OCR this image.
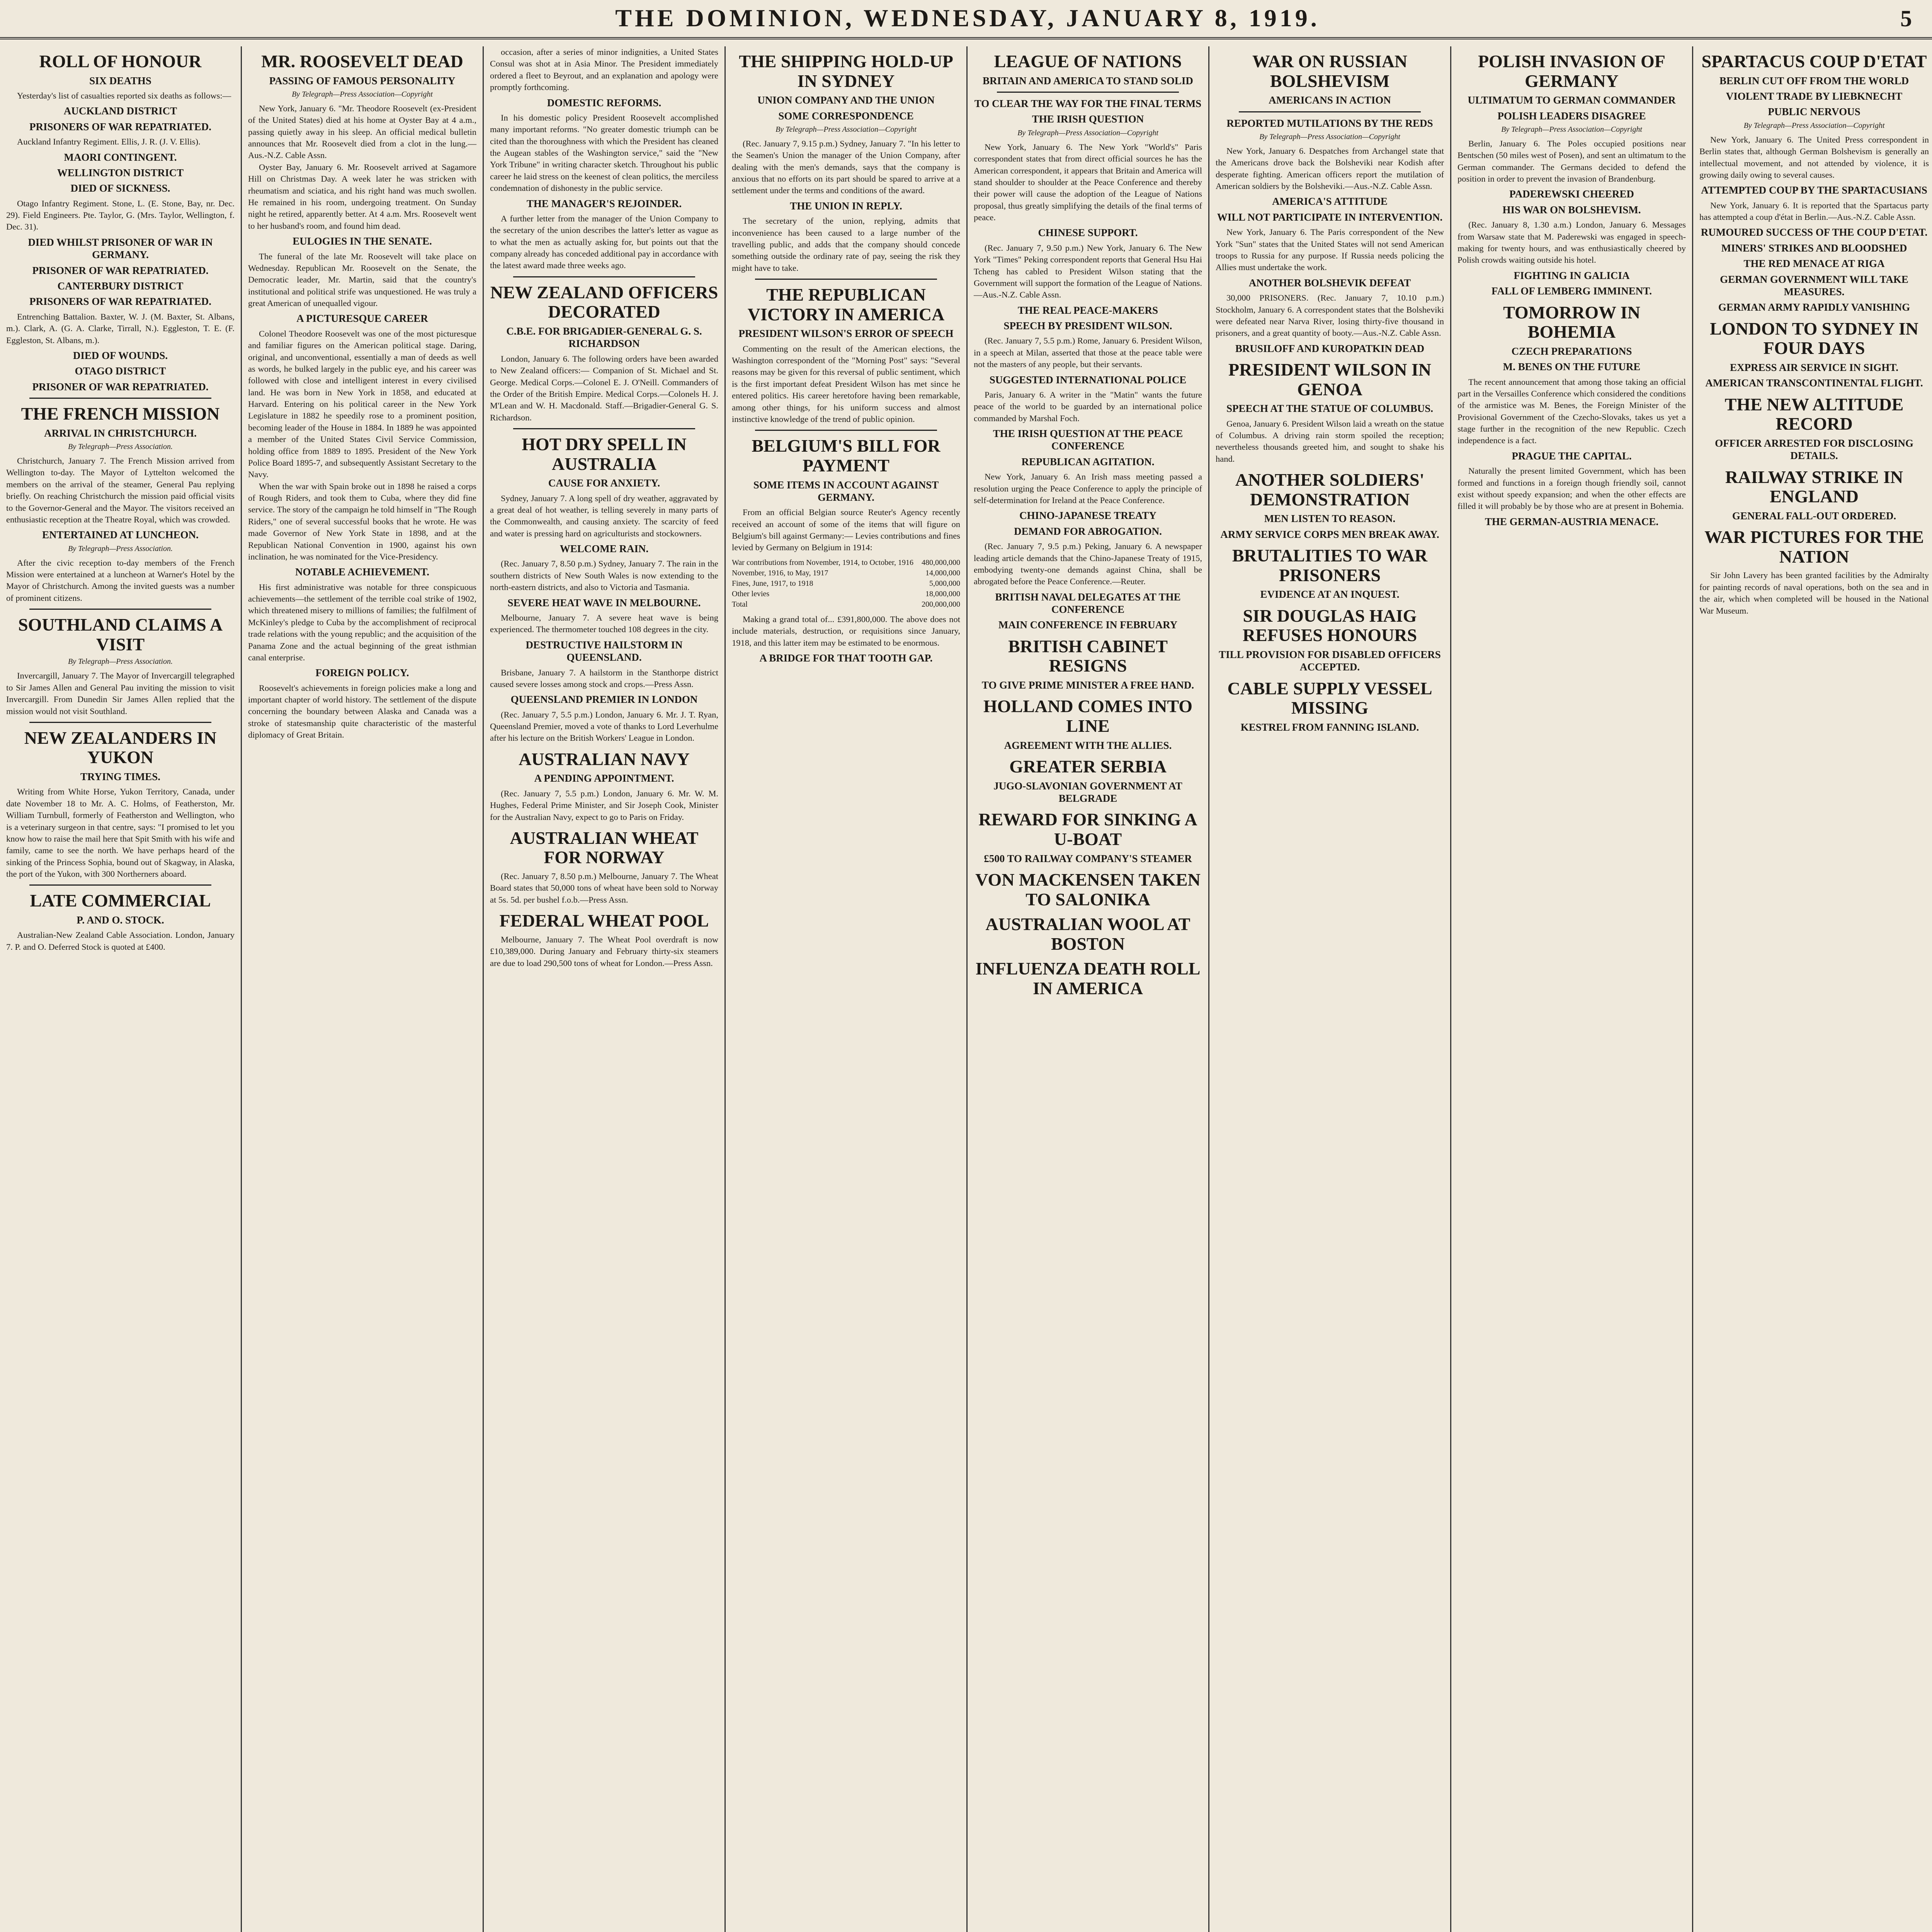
THE DOMINION, WEDNESDAY, JANUARY 8, 1919.	5
ROLL OF HONOUR
SIX DEATHS

Yesterday's list of casualties reported six deaths as follows:—

AUCKLAND DISTRICT
PRISONERS OF WAR REPATRIATED.

Auckland Infantry Regiment. Ellis, J. R. (J. V. Ellis).

MAORI CONTINGENT.
WELLINGTON DISTRICT
DIED OF SICKNESS.

Otago Infantry Regiment. Stone, L. (E. Stone, Bay, nr. Dec. 29). Field Engineers. Pte. Taylor, G. (Mrs. Taylor, Wellington, f. Dec. 31).

DIED WHILST PRISONER OF WAR IN GERMANY.
PRISONER OF WAR REPATRIATED.
CANTERBURY DISTRICT
PRISONERS OF WAR REPATRIATED.

Entrenching Battalion. Baxter, W. J. (M. Baxter, St. Albans, m.). Clark, A. (G. A. Clarke, Tirrall, N.). Eggleston, T. E. (F. Eggleston, St. Albans, m.).

DIED OF WOUNDS.
OTAGO DISTRICT
PRISONER OF WAR REPATRIATED.
THE FRENCH MISSION
ARRIVAL IN CHRISTCHURCH.
By Telegraph—Press Association.

Christchurch, January 7. The French Mission arrived from Wellington to-day. The Mayor of Lyttelton welcomed the members on the arrival of the steamer, General Pau replying briefly. On reaching Christchurch the mission paid official visits to the Governor-General and the Mayor. The visitors received an enthusiastic reception at the Theatre Royal, which was crowded.

ENTERTAINED AT LUNCHEON.
By Telegraph—Press Association.

After the civic reception to-day members of the French Mission were entertained at a luncheon at Warner's Hotel by the Mayor of Christchurch. Among the invited guests was a number of prominent citizens.

SOUTHLAND CLAIMS A VISIT
By Telegraph—Press Association.

Invercargill, January 7. The Mayor of Invercargill telegraphed to Sir James Allen and General Pau inviting the mission to visit Invercargill. From Dunedin Sir James Allen replied that the mission would not visit Southland.

NEW ZEALANDERS IN YUKON
TRYING TIMES.

Writing from White Horse, Yukon Territory, Canada, under date November 18 to Mr. A. C. Holms, of Featherston, Mr. William Turnbull, formerly of Featherston and Wellington, who is a veterinary surgeon in that centre, says: "I promised to let you know how to raise the mail here that Spit Smith with his wife and family, came to see the north. We have perhaps heard of the sinking of the Princess Sophia, bound out of Skagway, in Alaska, the port of the Yukon, with 300 Northerners aboard.

LATE COMMERCIAL
P. AND O. STOCK.

Australian-New Zealand Cable Association. London, January 7. P. and O. Deferred Stock is quoted at £400.

MR. ROOSEVELT DEAD
PASSING OF FAMOUS PERSONALITY
By Telegraph—Press Association—Copyright

New York, January 6. "Mr. Theodore Roosevelt (ex-President of the United States) died at his home at Oyster Bay at 4 a.m., passing quietly away in his sleep. An official medical bulletin announces that Mr. Roosevelt died from a clot in the lung.—Aus.-N.Z. Cable Assn.

Oyster Bay, January 6. Mr. Roosevelt arrived at Sagamore Hill on Christmas Day. A week later he was stricken with rheumatism and sciatica, and his right hand was much swollen. He remained in his room, undergoing treatment. On Sunday night he retired, apparently better. At 4 a.m. Mrs. Roosevelt went to her husband's room, and found him dead.

EULOGIES IN THE SENATE.

The funeral of the late Mr. Roosevelt will take place on Wednesday. Republican Mr. Roosevelt on the Senate, the Democratic leader, Mr. Martin, said that the country's institutional and political strife was unquestioned. He was truly a great American of unequalled vigour.

A PICTURESQUE CAREER

Colonel Theodore Roosevelt was one of the most picturesque and familiar figures on the American political stage. Daring, original, and unconventional, essentially a man of deeds as well as words, he bulked largely in the public eye, and his career was followed with close and intelligent interest in every civilised land. He was born in New York in 1858, and educated at Harvard. Entering on his political career in the New York Legislature in 1882 he speedily rose to a prominent position, becoming leader of the House in 1884. In 1889 he was appointed a member of the United States Civil Service Commission, holding office from 1889 to 1895. President of the New York Police Board 1895-7, and subsequently Assistant Secretary to the Navy.

When the war with Spain broke out in 1898 he raised a corps of Rough Riders, and took them to Cuba, where they did fine service. The story of the campaign he told himself in "The Rough Riders," one of several successful books that he wrote. He was made Governor of New York State in 1898, and at the Republican National Convention in 1900, against his own inclination, he was nominated for the Vice-Presidency.

NOTABLE ACHIEVEMENT.

His first administrative was notable for three conspicuous achievements—the settlement of the terrible coal strike of 1902, which threatened misery to millions of families; the fulfilment of McKinley's pledge to Cuba by the accomplishment of reciprocal trade relations with the young republic; and the acquisition of the Panama Zone and the actual beginning of the great isthmian canal enterprise.

FOREIGN POLICY.

Roosevelt's achievements in foreign policies make a long and important chapter of world history. The settlement of the dispute concerning the boundary between Alaska and Canada was a stroke of statesmanship quite characteristic of the masterful diplomacy of Great Britain.

occasion, after a series of minor indignities, a United States Consul was shot at in Asia Minor. The President immediately ordered a fleet to Beyrout, and an explanation and apology were promptly forthcoming.

DOMESTIC REFORMS.

In his domestic policy President Roosevelt accomplished many important reforms. "No greater domestic triumph can be cited than the thoroughness with which the President has cleaned the Augean stables of the Washington service," said the "New York Tribune" in writing character sketch. Throughout his public career he laid stress on the keenest of clean politics, the merciless condemnation of dishonesty in the public service.

THE MANAGER'S REJOINDER.

A further letter from the manager of the Union Company to the secretary of the union describes the latter's letter as vague as to what the men as actually asking for, but points out that the company already has conceded additional pay in accordance with the latest award made three weeks ago.

NEW ZEALAND OFFICERS DECORATED
C.B.E. FOR BRIGADIER-GENERAL G. S. RICHARDSON

London, January 6. The following orders have been awarded to New Zealand officers:— Companion of St. Michael and St. George. Medical Corps.—Colonel E. J. O'Neill. Commanders of the Order of the British Empire. Medical Corps.—Colonels H. J. M'Lean and W. H. Macdonald. Staff.—Brigadier-General G. S. Richardson.

HOT DRY SPELL IN AUSTRALIA
CAUSE FOR ANXIETY.

Sydney, January 7. A long spell of dry weather, aggravated by a great deal of hot weather, is telling severely in many parts of the Commonwealth, and causing anxiety. The scarcity of feed and water is pressing hard on agriculturists and stockowners.

WELCOME RAIN.

(Rec. January 7, 8.50 p.m.) Sydney, January 7. The rain in the southern districts of New South Wales is now extending to the north-eastern districts, and also to Victoria and Tasmania.

SEVERE HEAT WAVE IN MELBOURNE.

Melbourne, January 7. A severe heat wave is being experienced. The thermometer touched 108 degrees in the city.

DESTRUCTIVE HAILSTORM IN QUEENSLAND.

Brisbane, January 7. A hailstorm in the Stanthorpe district caused severe losses among stock and crops.—Press Assn.

QUEENSLAND PREMIER IN LONDON

(Rec. January 7, 5.5 p.m.) London, January 6. Mr. J. T. Ryan, Queensland Premier, moved a vote of thanks to Lord Leverhulme after his lecture on the British Workers' League in London.

AUSTRALIAN NAVY
A PENDING APPOINTMENT.

(Rec. January 7, 5.5 p.m.) London, January 6. Mr. W. M. Hughes, Federal Prime Minister, and Sir Joseph Cook, Minister for the Australian Navy, expect to go to Paris on Friday.

AUSTRALIAN WHEAT FOR NORWAY

(Rec. January 7, 8.50 p.m.) Melbourne, January 7. The Wheat Board states that 50,000 tons of wheat have been sold to Norway at 5s. 5d. per bushel f.o.b.—Press Assn.

FEDERAL WHEAT POOL

Melbourne, January 7. The Wheat Pool overdraft is now £10,389,000. During January and February thirty-six steamers are due to load 290,500 tons of wheat for London.—Press Assn.

THE SHIPPING HOLD-UP IN SYDNEY
UNION COMPANY AND THE UNION
SOME CORRESPONDENCE
By Telegraph—Press Association—Copyright

(Rec. January 7, 9.15 p.m.) Sydney, January 7. "In his letter to the Seamen's Union the manager of the Union Company, after dealing with the men's demands, says that the company is anxious that no efforts on its part should be spared to arrive at a settlement under the terms and conditions of the award.

THE UNION IN REPLY.

The secretary of the union, replying, admits that inconvenience has been caused to a large number of the travelling public, and adds that the company should concede something outside the ordinary rate of pay, seeing the risk they might have to take.

THE REPUBLICAN VICTORY IN AMERICA
PRESIDENT WILSON'S ERROR OF SPEECH

Commenting on the result of the American elections, the Washington correspondent of the "Morning Post" says: "Several reasons may be given for this reversal of public sentiment, which is the first important defeat President Wilson has met since he entered politics. His career heretofore having been remarkable, among other things, for his uniform success and almost instinctive knowledge of the trend of public opinion.

BELGIUM'S BILL FOR PAYMENT
SOME ITEMS IN ACCOUNT AGAINST GERMANY.

From an official Belgian source Reuter's Agency recently received an account of some of the items that will figure on Belgium's bill against Germany:— Levies contributions and fines levied by Germany on Belgium in 1914:

War contributions from November, 1914, to October, 1916	480,000,000
November, 1916, to May, 1917	14,000,000
Fines, June, 1917, to 1918	5,000,000
Other levies	18,000,000
Total	200,000,000

Making a grand total of... £391,800,000. The above does not include materials, destruction, or requisitions since January, 1918, and this latter item may be estimated to be enormous.

A BRIDGE FOR THAT TOOTH GAP.
LEAGUE OF NATIONS
BRITAIN AND AMERICA TO STAND SOLID
TO CLEAR THE WAY FOR THE FINAL TERMS
THE IRISH QUESTION
By Telegraph—Press Association—Copyright

New York, January 6. The New York "World's" Paris correspondent states that from direct official sources he has the American correspondent, it appears that Britain and America will stand shoulder to shoulder at the Peace Conference and thereby their power will cause the adoption of the League of Nations proposal, thus greatly simplifying the details of the final terms of peace.

CHINESE SUPPORT.

(Rec. January 7, 9.50 p.m.) New York, January 6. The New York "Times" Peking correspondent reports that General Hsu Hai Tcheng has cabled to President Wilson stating that the Government will support the formation of the League of Nations.—Aus.-N.Z. Cable Assn.

THE REAL PEACE-MAKERS
SPEECH BY PRESIDENT WILSON.

(Rec. January 7, 5.5 p.m.) Rome, January 6. President Wilson, in a speech at Milan, asserted that those at the peace table were not the masters of any people, but their servants.

SUGGESTED INTERNATIONAL POLICE

Paris, January 6. A writer in the "Matin" wants the future peace of the world to be guarded by an international police commanded by Marshal Foch.

THE IRISH QUESTION AT THE PEACE CONFERENCE
REPUBLICAN AGITATION.

New York, January 6. An Irish mass meeting passed a resolution urging the Peace Conference to apply the principle of self-determination for Ireland at the Peace Conference.

CHINO-JAPANESE TREATY
DEMAND FOR ABROGATION.

(Rec. January 7, 9.5 p.m.) Peking, January 6. A newspaper leading article demands that the Chino-Japanese Treaty of 1915, embodying twenty-one demands against China, shall be abrogated before the Peace Conference.—Reuter.

BRITISH NAVAL DELEGATES AT THE CONFERENCE
MAIN CONFERENCE IN FEBRUARY
BRITISH CABINET RESIGNS
TO GIVE PRIME MINISTER A FREE HAND.
HOLLAND COMES INTO LINE
AGREEMENT WITH THE ALLIES.
GREATER SERBIA
JUGO-SLAVONIAN GOVERNMENT AT BELGRADE
REWARD FOR SINKING A U-BOAT
£500 TO RAILWAY COMPANY'S STEAMER
VON MACKENSEN TAKEN TO SALONIKA
AUSTRALIAN WOOL AT BOSTON
INFLUENZA DEATH ROLL IN AMERICA
WAR ON RUSSIAN BOLSHEVISM
AMERICANS IN ACTION
REPORTED MUTILATIONS BY THE REDS
By Telegraph—Press Association—Copyright

New York, January 6. Despatches from Archangel state that the Americans drove back the Bolsheviki near Kodish after desperate fighting. American officers report the mutilation of American soldiers by the Bolsheviki.—Aus.-N.Z. Cable Assn.

AMERICA'S ATTITUDE
WILL NOT PARTICIPATE IN INTERVENTION.

New York, January 6. The Paris correspondent of the New York "Sun" states that the United States will not send American troops to Russia for any purpose. If Russia needs policing the Allies must undertake the work.

ANOTHER BOLSHEVIK DEFEAT

30,000 PRISONERS. (Rec. January 7, 10.10 p.m.) Stockholm, January 6. A correspondent states that the Bolsheviki were defeated near Narva River, losing thirty-five thousand in prisoners, and a great quantity of booty.—Aus.-N.Z. Cable Assn.

BRUSILOFF AND KUROPATKIN DEAD
PRESIDENT WILSON IN GENOA
SPEECH AT THE STATUE OF COLUMBUS.

Genoa, January 6. President Wilson laid a wreath on the statue of Columbus. A driving rain storm spoiled the reception; nevertheless thousands greeted him, and sought to shake his hand.

ANOTHER SOLDIERS' DEMONSTRATION
MEN LISTEN TO REASON.
ARMY SERVICE CORPS MEN BREAK AWAY.
BRUTALITIES TO WAR PRISONERS
EVIDENCE AT AN INQUEST.
SIR DOUGLAS HAIG REFUSES HONOURS
TILL PROVISION FOR DISABLED OFFICERS ACCEPTED.
CABLE SUPPLY VESSEL MISSING
KESTREL FROM FANNING ISLAND.
POLISH INVASION OF GERMANY
ULTIMATUM TO GERMAN COMMANDER
POLISH LEADERS DISAGREE
By Telegraph—Press Association—Copyright

Berlin, January 6. The Poles occupied positions near Bentschen (50 miles west of Posen), and sent an ultimatum to the German commander. The Germans decided to defend the position in order to prevent the invasion of Brandenburg.

PADEREWSKI CHEERED
HIS WAR ON BOLSHEVISM.

(Rec. January 8, 1.30 a.m.) London, January 6. Messages from Warsaw state that M. Paderewski was engaged in speech-making for twenty hours, and was enthusiastically cheered by Polish crowds waiting outside his hotel.

FIGHTING IN GALICIA
FALL OF LEMBERG IMMINENT.
TOMORROW IN BOHEMIA
CZECH PREPARATIONS
M. BENES ON THE FUTURE

The recent announcement that among those taking an official part in the Versailles Conference which considered the conditions of the armistice was M. Benes, the Foreign Minister of the Provisional Government of the Czecho-Slovaks, takes us yet a stage further in the recognition of the new Republic. Czech independence is a fact.

PRAGUE THE CAPITAL.

Naturally the present limited Government, which has been formed and functions in a foreign though friendly soil, cannot exist without speedy expansion; and when the other effects are filled it will probably be by those who are at present in Bohemia.

THE GERMAN-AUSTRIA MENACE.
SPARTACUS COUP D'ETAT
BERLIN CUT OFF FROM THE WORLD
VIOLENT TRADE BY LIEBKNECHT
PUBLIC NERVOUS
By Telegraph—Press Association—Copyright

New York, January 6. The United Press correspondent in Berlin states that, although German Bolshevism is generally an intellectual movement, and not attended by violence, it is growing daily owing to several causes.

ATTEMPTED COUP BY THE SPARTACUSIANS

New York, January 6. It is reported that the Spartacus party has attempted a coup d'état in Berlin.—Aus.-N.Z. Cable Assn.

RUMOURED SUCCESS OF THE COUP D'ETAT.
MINERS' STRIKES AND BLOODSHED
THE RED MENACE AT RIGA
GERMAN GOVERNMENT WILL TAKE MEASURES.
GERMAN ARMY RAPIDLY VANISHING
LONDON TO SYDNEY IN FOUR DAYS
EXPRESS AIR SERVICE IN SIGHT.
AMERICAN TRANSCONTINENTAL FLIGHT.
THE NEW ALTITUDE RECORD
OFFICER ARRESTED FOR DISCLOSING DETAILS.
RAILWAY STRIKE IN ENGLAND
GENERAL FALL-OUT ORDERED.
WAR PICTURES FOR THE NATION

Sir John Lavery has been granted facilities by the Admiralty for painting records of naval operations, both on the sea and in the air, which when completed will be housed in the National War Museum.
